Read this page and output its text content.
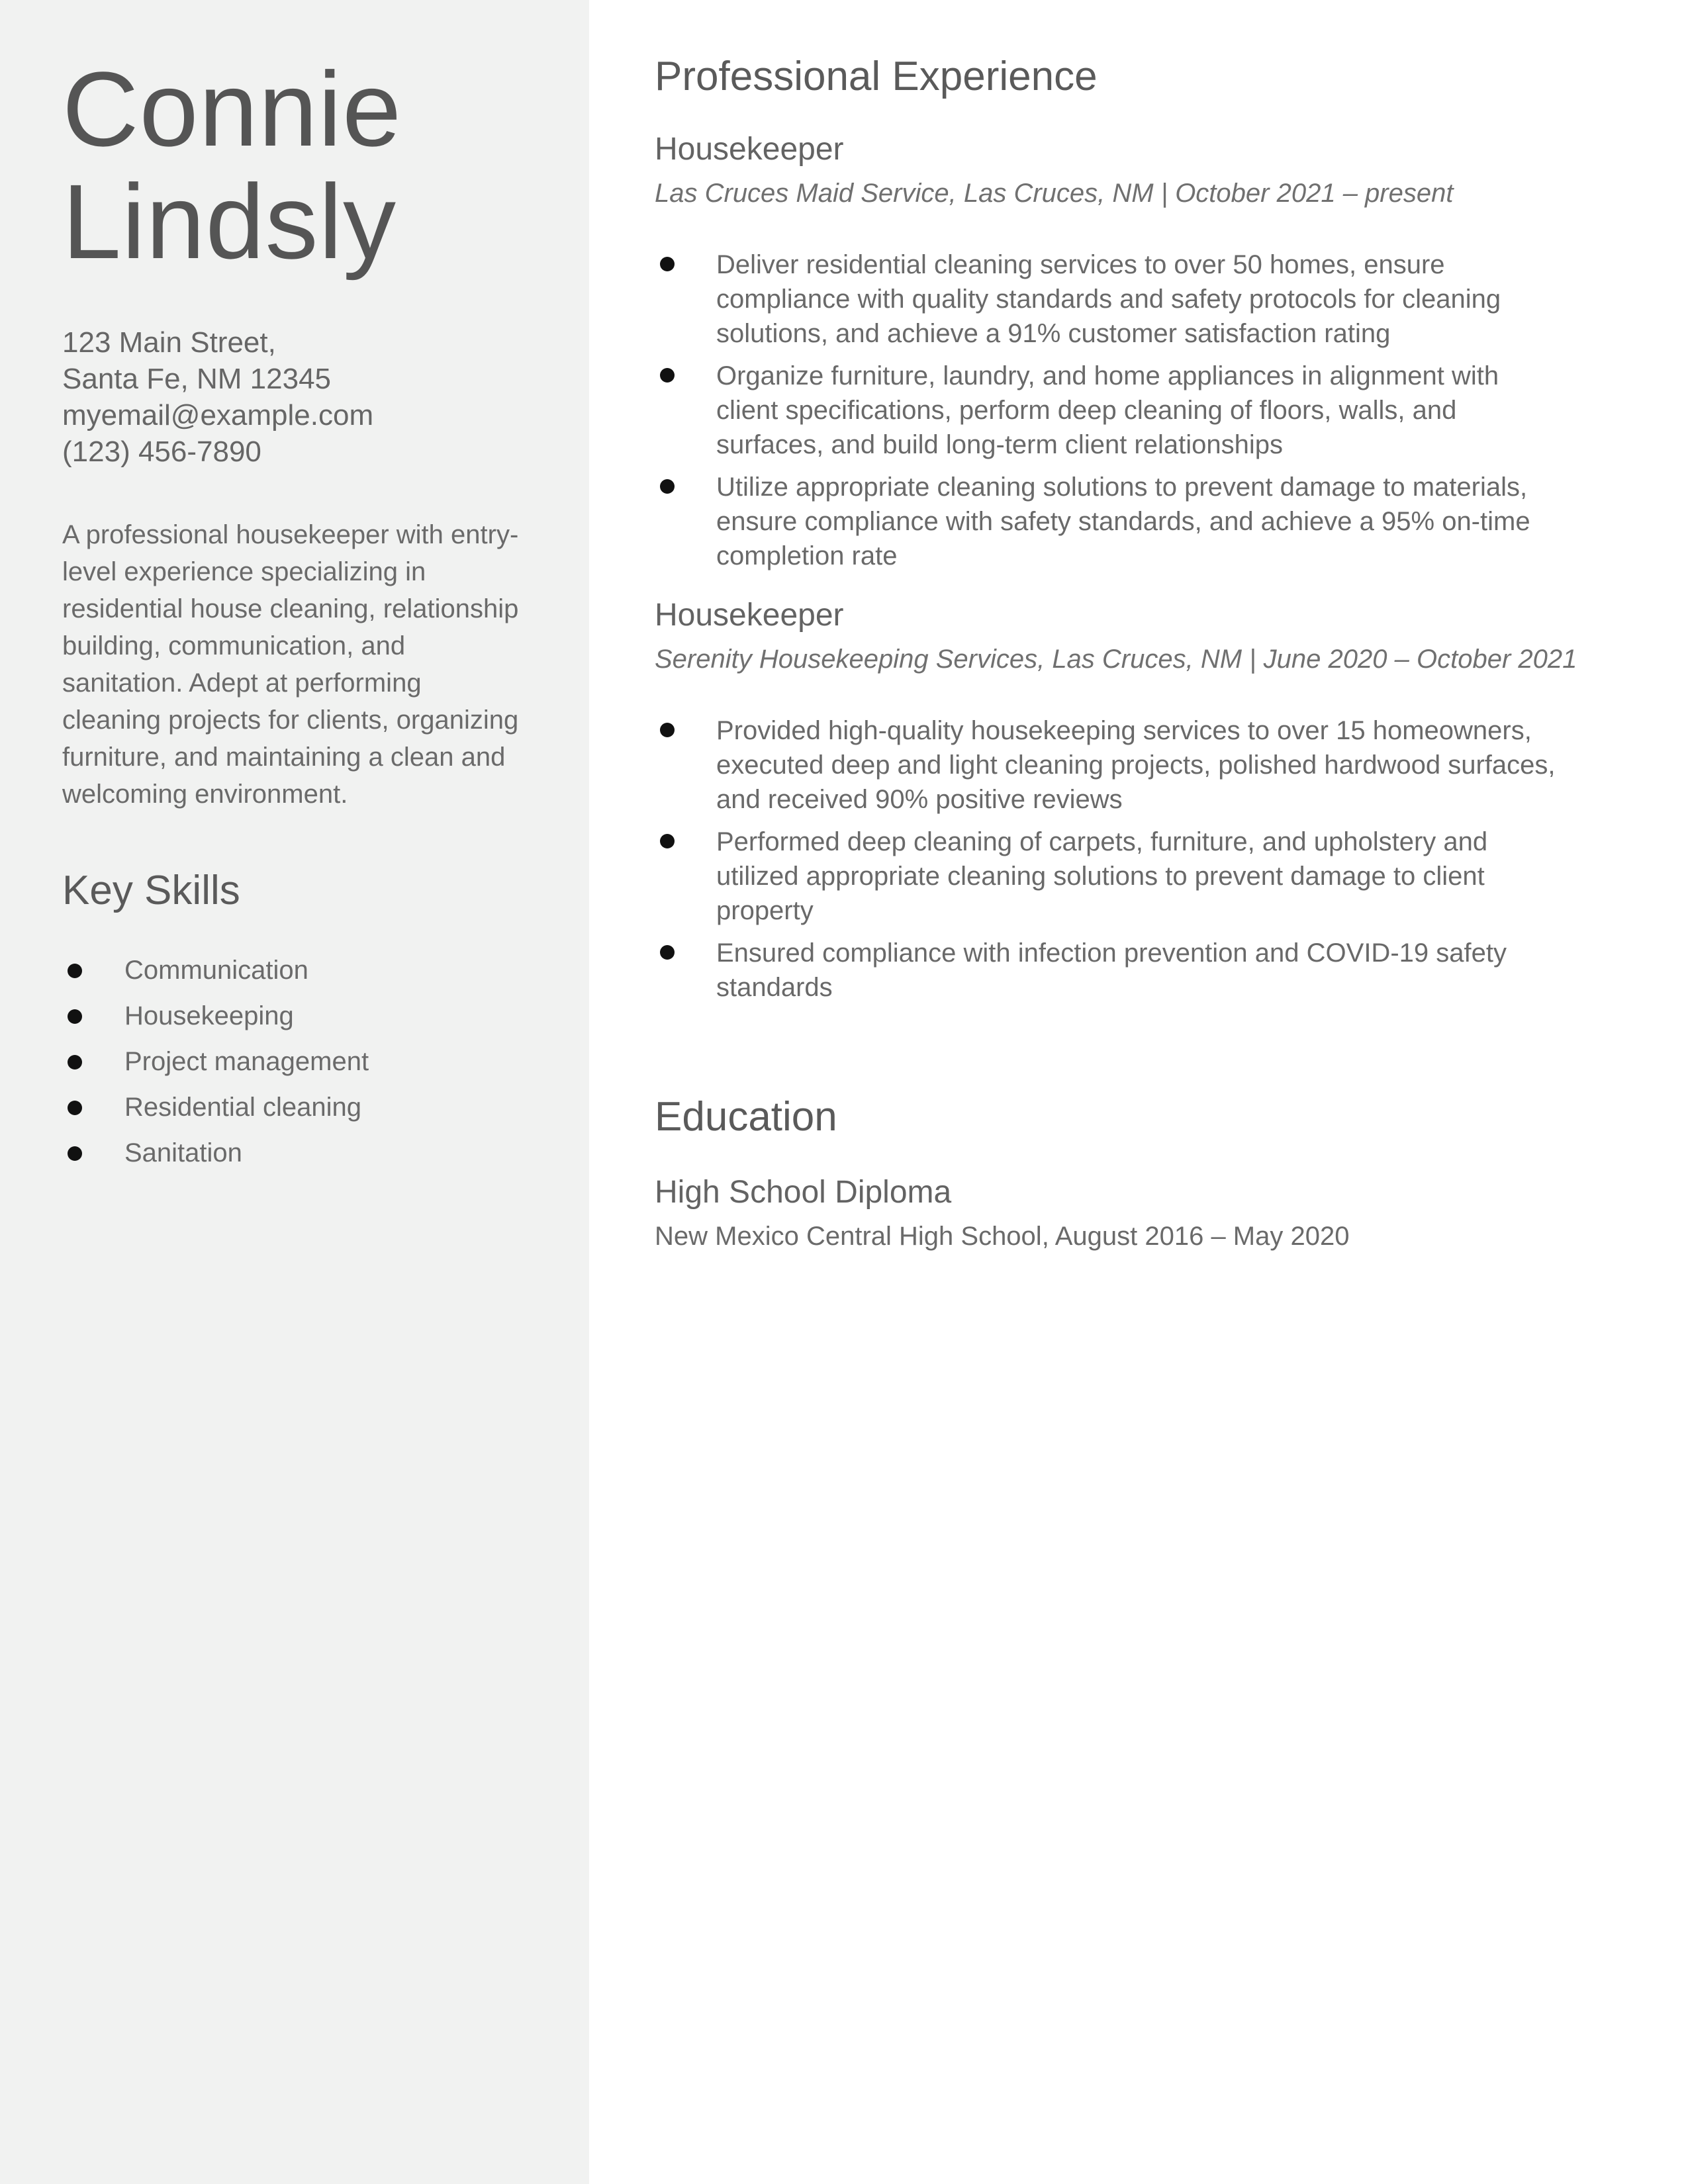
Connie
Lindsly
123 Main Street,
Santa Fe, NM 12345
myemail@example.com
(123) 456-7890
A professional housekeeper with entry-level experience specializing in residential house cleaning, relationship building, communication, and sanitation. Adept at performing cleaning projects for clients, organizing furniture, and maintaining a clean and welcoming environment.
Key Skills
Communication
Housekeeping
Project management
Residential cleaning
Sanitation
Professional Experience
Housekeeper
Las Cruces Maid Service, Las Cruces, NM | October 2021 – present
Deliver residential cleaning services to over 50 homes, ensure compliance with quality standards and safety protocols for cleaning solutions, and achieve a 91% customer satisfaction rating
Organize furniture, laundry, and home appliances in alignment with client specifications, perform deep cleaning of floors, walls, and surfaces, and build long-term client relationships
Utilize appropriate cleaning solutions to prevent damage to materials, ensure compliance with safety standards, and achieve a 95% on-time completion rate
Housekeeper
Serenity Housekeeping Services, Las Cruces, NM | June 2020 – October 2021
Provided high-quality housekeeping services to over 15 homeowners, executed deep and light cleaning projects, polished hardwood surfaces, and received 90% positive reviews
Performed deep cleaning of carpets, furniture, and upholstery and utilized appropriate cleaning solutions to prevent damage to client property
Ensured compliance with infection prevention and COVID-19 safety standards
Education
High School Diploma
New Mexico Central High School, August 2016 – May 2020
